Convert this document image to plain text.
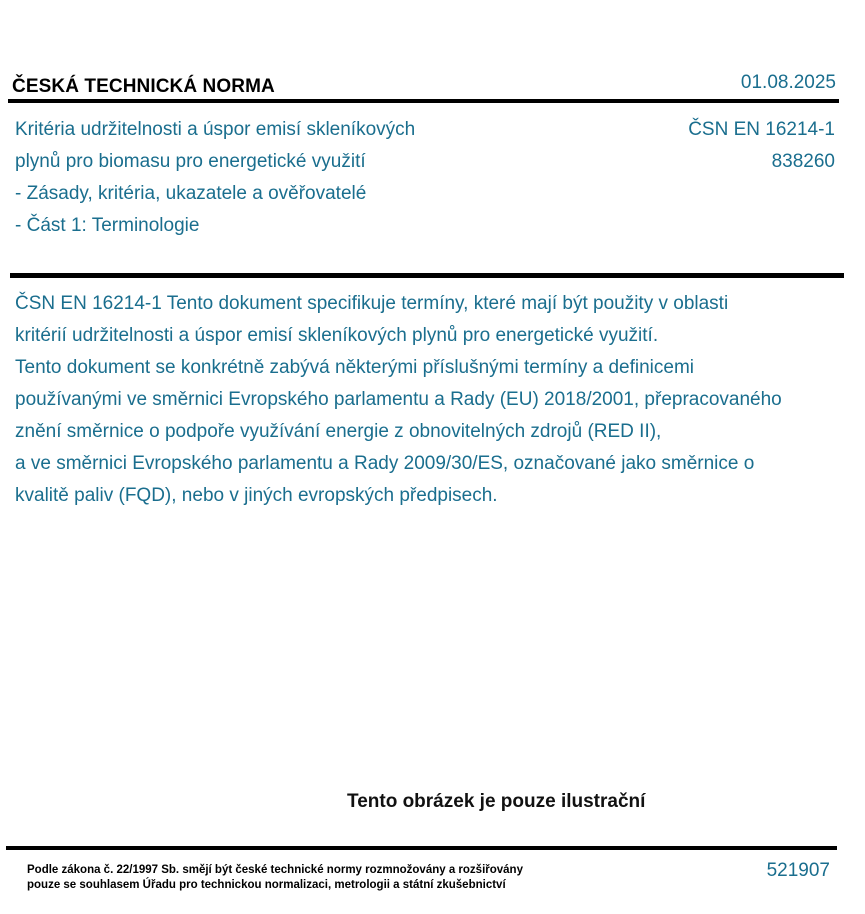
ČESKÁ TECHNICKÁ NORMA	01.08.2025
Kritéria udržitelnosti a úspor emisí skleníkových
plynů pro biomasu pro energetické využití
- Zásady, kritéria, ukazatele a ověřovatelé
- Část 1: Terminologie
ČSN EN 16214-1
838260
ČSN EN 16214-1 Tento dokument specifikuje termíny, které mají být použity v oblasti
kritérií udržitelnosti a úspor emisí skleníkových plynů pro energetické využití.
Tento dokument se konkrétně zabývá některými příslušnými termíny a definicemi
používanými ve směrnici Evropského parlamentu a Rady (EU) 2018/2001, přepracovaného
znění směrnice o podpoře využívání energie z obnovitelných zdrojů (RED II),
a ve směrnici Evropského parlamentu a Rady 2009/30/ES, označované jako směrnice o
kvalitě paliv (FQD), nebo v jiných evropských předpisech.
Tento obrázek je pouze ilustrační
Podle zákona č. 22/1997 Sb. smějí být české technické normy rozmnožovány a rozšiřovány
pouze se souhlasem Úřadu pro technickou normalizaci, metrologii a státní zkušebnictví
521907
